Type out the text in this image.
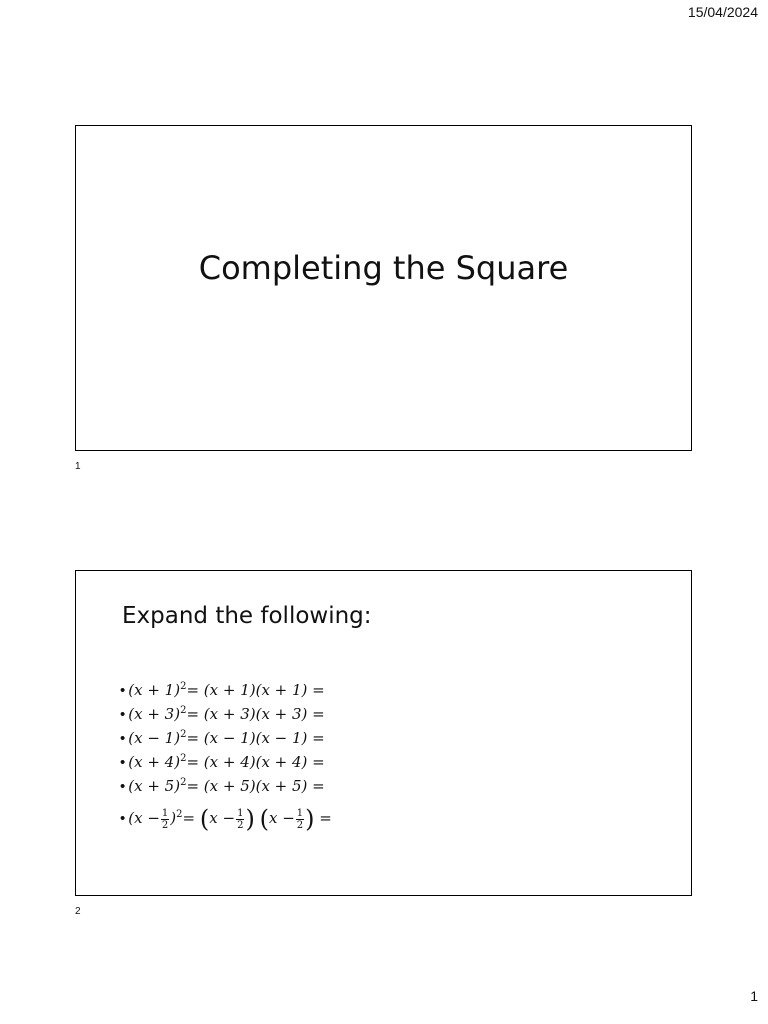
15/04/2024
Completing the Square
1
Expand the following:
• $(x + 1)^2= (x + 1)(x + 1)$ =
• $(x + 3)^2= (x + 3)(x + 3)$ =
• $(x - 1)^2= (x - 1)(x - 1)$ =
• $(x + 4)^2= (x + 4)(x + 4)$ =
• $(x + 5)^2= (x + 5)(x + 5)$ =
• $(x - \frac{1}{2} )^2= (x - \frac{1}{2}$ ) ($x - \frac{1}{2}$ ) =
2
1
